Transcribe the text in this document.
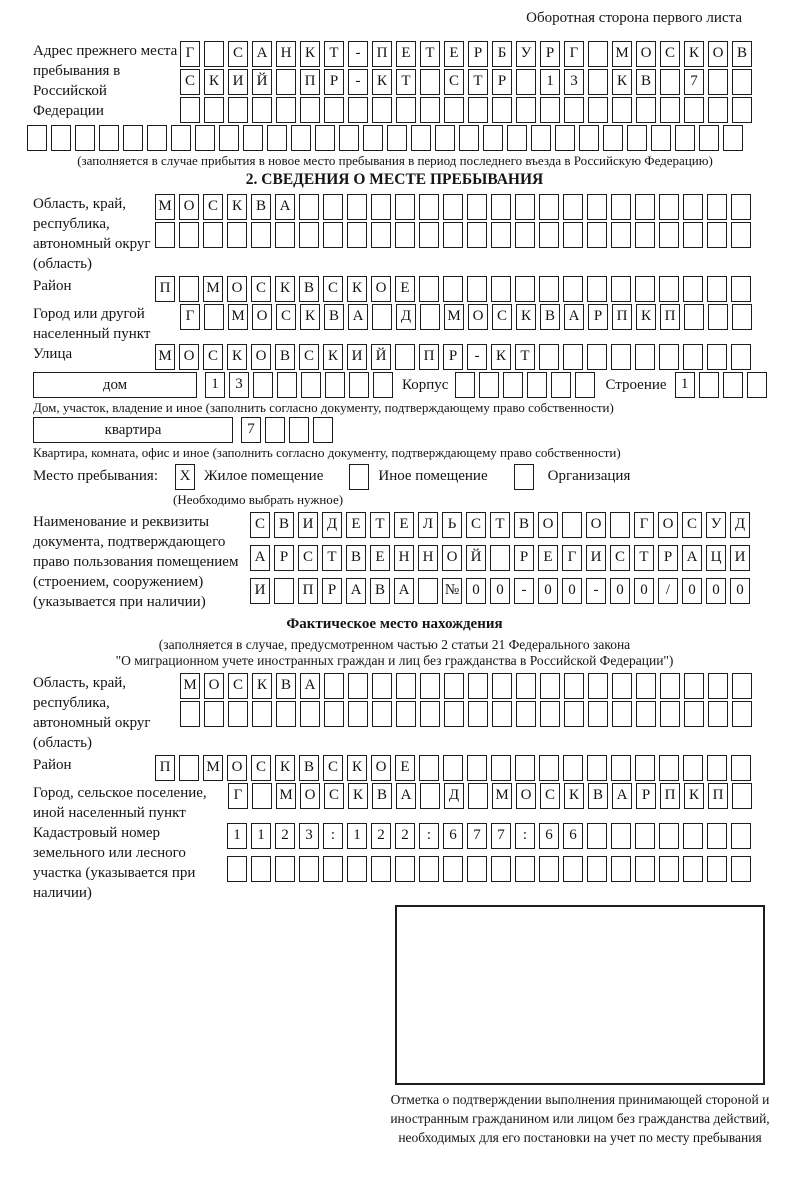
Оборотная сторона первого листа
Адрес прежнего места пребывания в Российской Федерации
Г	С А Н К Т - П Е Т Е Р Б У Р Г М О С К О В
С К И Й П Р - К Т	С Т Р	1 3	К В	7
(заполняется в случае прибытия в новое место пребывания в период последнего въезда в Российскую Федерацию)
2. СВЕДЕНИЯ О МЕСТЕ ПРЕБЫВАНИЯ
Область, край, республика, автономный округ (область)
М О С К В А
Район	П М О С К В С К О Е
Город или другой населенный пункт
Г М О С К В А Д М О С К В А Р П К П
Улица	М О С К О В С К И Й П Р - К Т
дом	1 3	Корпус	Строение 1
Дом, участок, владение и иное (заполнить согласно документу, подтверждающему право собственности)
квартира	7
Квартира, комната, офис и иное (заполнить согласно документу, подтверждающему право собственности)
Место пребывания:	X Жилое помещение	Иное помещение	Организация
(Необходимо выбрать нужное)
Наименование и реквизиты документа, подтверждающего право пользования помещением (строением, сооружением) (указывается при наличии)
С В И Д Е Т Е Л Ь С Т В О О	Г О С У Д
А Р С Т В Е Н Н О Й	Р Е Г И С Т Р А Ц И
И П Р А В А № 0 0 - 0 0 - 0 0 / 0 0 0
Фактическое место нахождения
(заполняется в случае, предусмотренном частью 2 статьи 21 Федерального закона
"О миграционном учете иностранных граждан и лиц без гражданства в Российской Федерации")
Область, край, республика, автономный округ (область)
М О С К В А
Район	П М О С К В С К О Е
Город, сельское поселение, иной населенный пункт
Г М О С К В А Д М О С К В А Р П К П
Кадастровый номер земельного или лесного участка (указывается при наличии)
1 1 2 3 : 1 2 2 : 6 7 7 : 6 6
Отметка о подтверждении выполнения принимающей стороной и иностранным гражданином или лицом без гражданства действий, необходимых для его постановки на учет по месту пребывания
